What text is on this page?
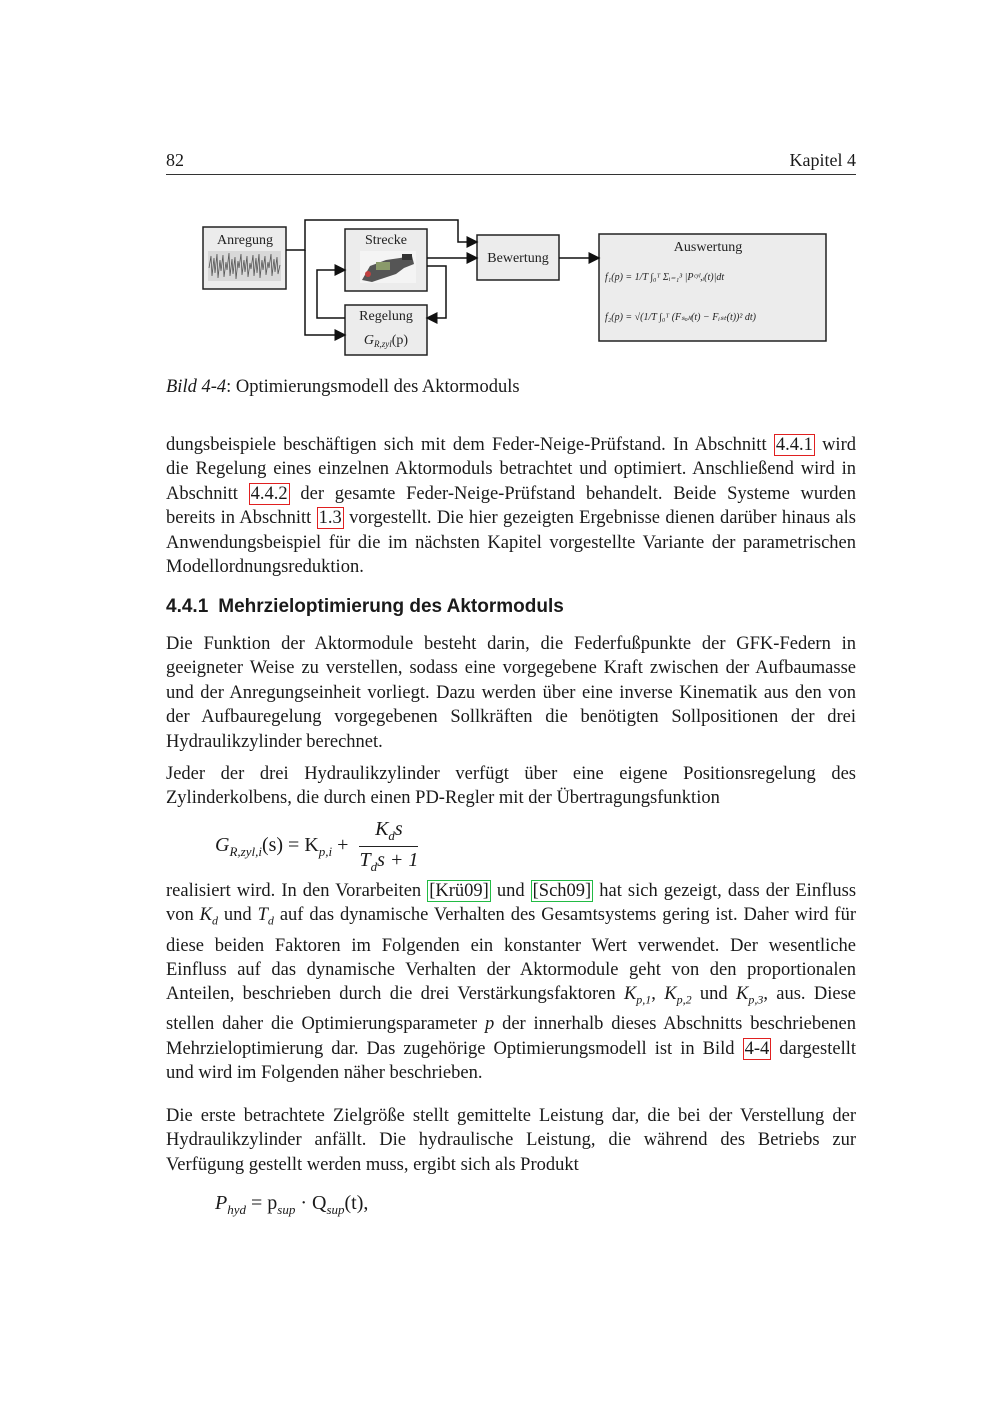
82	Kapitel 4
Anregung	Strecke
Regelung
$G_{R,zyl}(p)$
Bewertung
Auswertung
f₁(p) = 1/T ∫₀ᵀ Σᵢ₌₁³ |Pᶜʸˡ,ᵢ(t)|dt
f₂(p) = √(1/T ∫₀ᵀ (Fₛₒₗₗ(t) − Fᵢₛₜ(t))² dt)
Bild 4-4: Optimierungsmodell des Aktormoduls

dungsbeispiele beschäftigen sich mit dem Feder-Neige-Prüfstand. In Abschnitt 4.4.1 wird die Regelung eines einzelnen Aktormoduls betrachtet und optimiert. Anschließend wird in Abschnitt 4.4.2 der gesamte Feder-Neige-Prüfstand behandelt. Beide Systeme wurden bereits in Abschnitt 1.3 vorgestellt. Die hier gezeigten Ergebnisse dienen darüber hinaus als Anwendungsbeispiel für die im nächsten Kapitel vorgestellte Variante der parametrischen Modellordnungsreduktion.

4.4.1 Mehrzieloptimierung des Aktormoduls

Die Funktion der Aktormodule besteht darin, die Federfußpunkte der GFK-Federn in geeigneter Weise zu verstellen, sodass eine vorgegebene Kraft zwischen der Aufbaumasse und der Anregungseinheit vorliegt. Dazu werden über eine inverse Kinematik aus den von der Aufbauregelung vorgegebenen Sollkräften die benötigten Sollpositionen der drei Hydraulikzylinder berechnet.

Jeder der drei Hydraulikzylinder verfügt über eine eigene Positionsregelung des Zylinderkolbens, die durch einen PD-Regler mit der Übertragungsfunktion

$G_{R,zyl,i}(s) = K_{p,i} + \frac{K_ds}{T_ds + 1}$

realisiert wird. In den Vorarbeiten [Krü09] und [Sch09] hat sich gezeigt, dass der Einfluss von $K_d$ und $T_d$ auf das dynamische Verhalten des Gesamtsystems gering ist. Daher wird für diese beiden Faktoren im Folgenden ein konstanter Wert verwendet. Der wesentliche Einfluss auf das dynamische Verhalten der Aktormodule geht von den proportionalen Anteilen, beschrieben durch die drei Verstärkungsfaktoren $K_{p,1}$, $K_{p,2}$ und $K_{p,3}$, aus. Diese stellen daher die Optimierungsparameter p der innerhalb dieses Abschnitts beschriebenen Mehrzieloptimierung dar. Das zugehörige Optimierungsmodell ist in Bild 4-4 dargestellt und wird im Folgenden näher beschrieben.

Die erste betrachtete Zielgröße stellt gemittelte Leistung dar, die bei der Verstellung der Hydraulikzylinder anfällt. Die hydraulische Leistung, die während des Betriebs zur Verfügung gestellt werden muss, ergibt sich als Produkt

$P_{hyd} = p_{sup} \cdot Q_{sup}(t)$,
